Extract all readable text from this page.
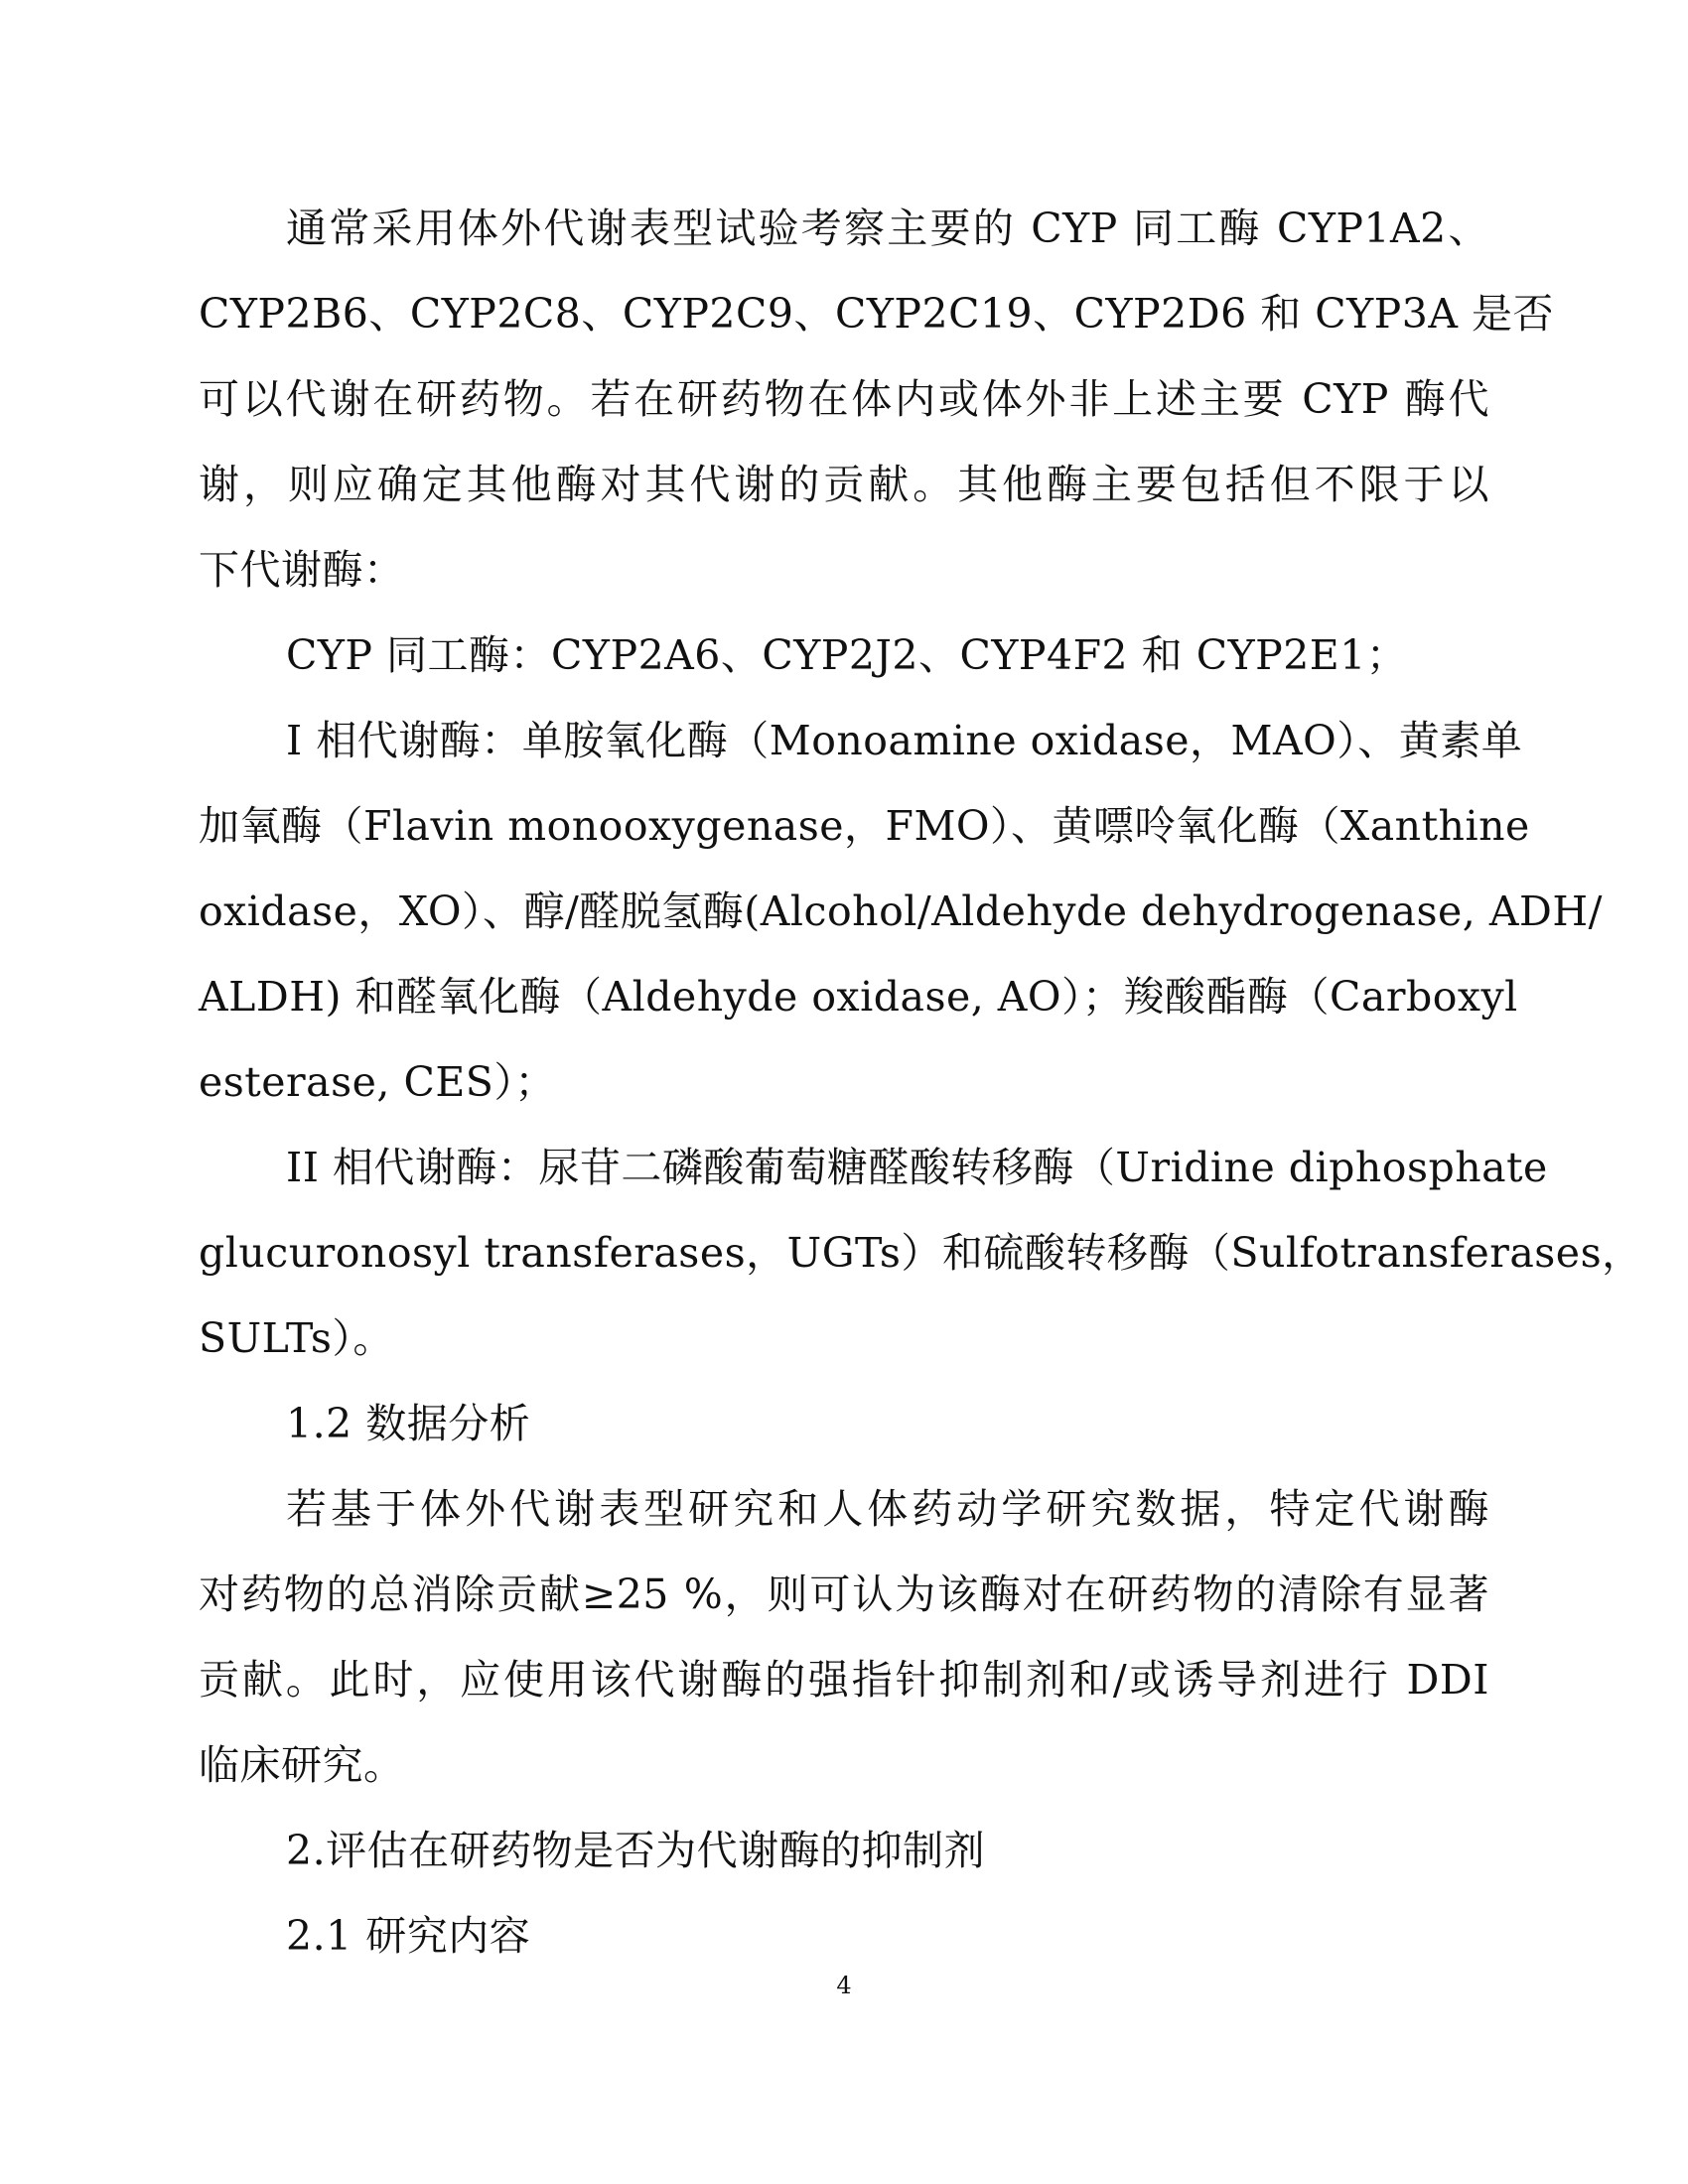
通常采用体外代谢表型试验考察主要的 CYP 同工酶 CYP1A2、
CYP2B6、CYP2C8、CYP2C9、CYP2C19、CYP2D6 和 CYP3A 是否
可以代谢在研药物。若在研药物在体内或体外非上述主要 CYP 酶代
谢，则应确定其他酶对其代谢的贡献。其他酶主要包括但不限于以
下代谢酶：
CYP 同工酶：CYP2A6、CYP2J2、CYP4F2 和 CYP2E1；
I 相代谢酶：单胺氧化酶（Monoamine oxidase，MAO）、黄素单
加氧酶（Flavin monooxygenase，FMO）、黄嘌呤氧化酶（Xanthine
oxidase，XO）、醇/醛脱氢酶(Alcohol/Aldehyde dehydrogenase, ADH/
ALDH) 和醛氧化酶（Aldehyde oxidase, AO）；羧酸酯酶（Carboxyl
esterase, CES）；
II 相代谢酶：尿苷二磷酸葡萄糖醛酸转移酶（Uridine diphosphate
glucuronosyl transferases，UGTs）和硫酸转移酶（Sulfotransferases，
SULTs）。
1.2 数据分析
若基于体外代谢表型研究和人体药动学研究数据，特定代谢酶
对药物的总消除贡献≥25 %，则可认为该酶对在研药物的清除有显著
贡献。此时，应使用该代谢酶的强指针抑制剂和/或诱导剂进行 DDI
临床研究。
2.评估在研药物是否为代谢酶的抑制剂
2.1 研究内容
4
